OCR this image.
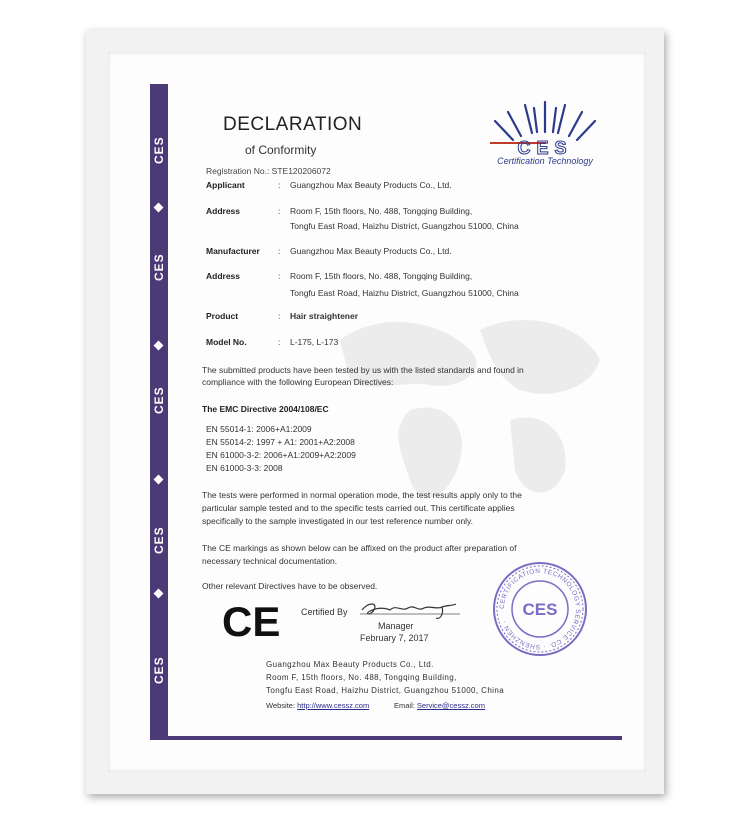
CES
CES
CES
CES
CES
DECLARATION
of Conformity
Registration No.: STE120206072
CES
Certification Technology
Applicant	: Guangzhou Max Beauty Products Co., Ltd.
Address	: Room F, 15th floors, No. 488, Tongqing Building,
Tongfu East Road, Haizhu District, Guangzhou 51000, China
Manufacturer : Guangzhou Max Beauty Products Co., Ltd.
Address	: Room F, 15th floors, No. 488, Tongqing Building,
Tongfu East Road, Haizhu District, Guangzhou 51000, China
Product	: Hair straightener
Model No.	: L-175, L-173
The submitted products have been tested by us with the listed standards and found in
compliance with the following European Directives:
The EMC Directive 2004/108/EC
EN 55014-1: 2006+A1:2009
EN 55014-2: 1997 + A1: 2001+A2:2008
EN 61000-3-2: 2006+A1:2009+A2:2009
EN 61000-3-3: 2008
The tests were performed in normal operation mode, the test results apply only to the
particular sample tested and to the specific tests carried out. This certificate applies
specifically to the sample investigated in our test reference number only.
The CE markings as shown below can be affixed on the product after preparation of
necessary technical documentation.
Other relevant Directives have to be observed.
CE Certified By
Manager
February 7, 2017
CERTIFICATION TECHNOLOGY SERVICE CO. · SHENZHEN ·
CES
Guangzhou Max Beauty Products Co., Ltd.
Room F, 15th floors, No. 488, Tongqing Building,
Tongfu East Road, Haizhu District, Guangzhou 51000, China
Website: http://www.cessz.com	Email: Service@cessz.com
